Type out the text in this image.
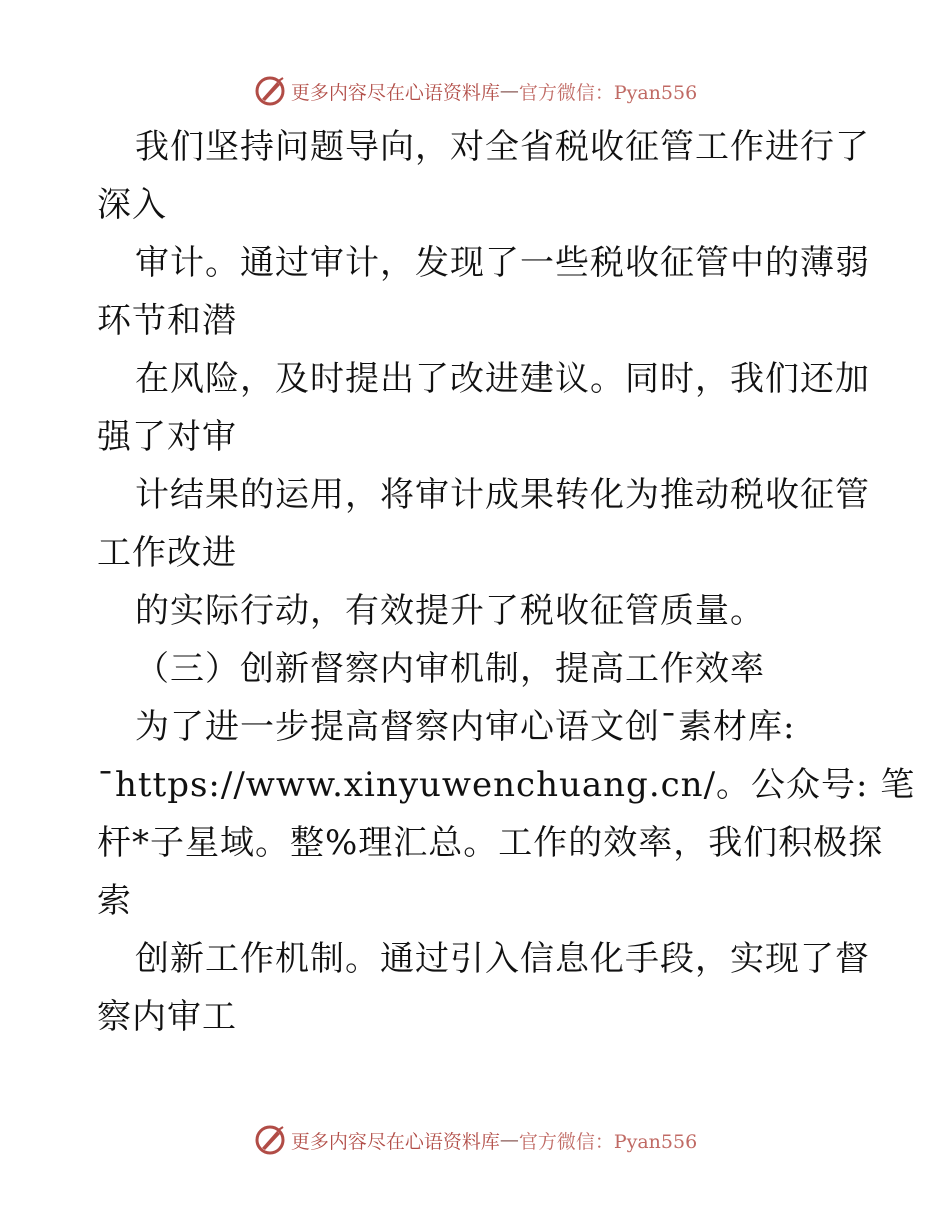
更多内容尽在心语资料库 — 官方微信：Pyan556
我们坚持问题导向，对全省税收征管工作进行了
深入
审计。通过审计，发现了一些税收征管中的薄弱
环节和潜
在风险，及时提出了改进建议。同时，我们还加
强了对审
计结果的运用，将审计成果转化为推动税收征管
工作改进
的实际行动，有效提升了税收征管质量。
（三）创新督察内审机制，提高工作效率
为了进一步提高督察内审心语文创¯素材库:
¯https://www.xinyuwenchuang.cn/。公众号: 笔
杆*子星域。整%理汇总。工作的效率，我们积极探
索
创新工作机制。通过引入信息化手段，实现了督
察内审工
更多内容尽在心语资料库 — 官方微信：Pyan556
